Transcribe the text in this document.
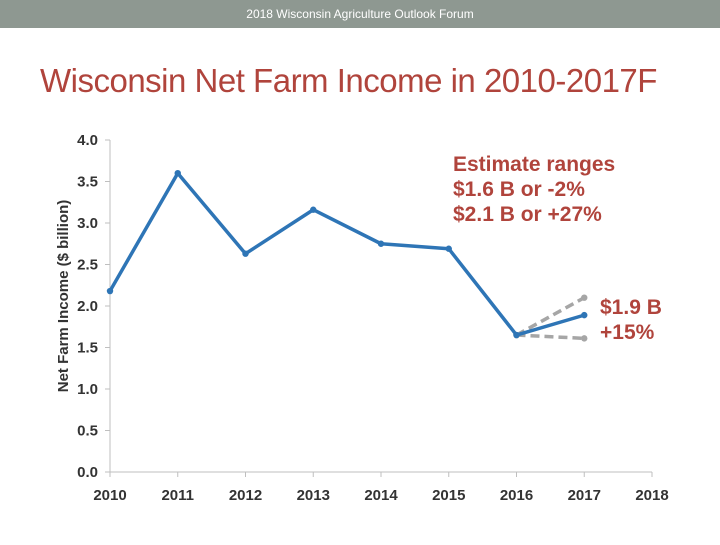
2018 Wisconsin Agriculture Outlook Forum
Wisconsin Net Farm Income in 2010-2017F
0.0
0.5
1.0
1.5
2.0
2.5
3.0
3.5
4.0
2010 2011 2012 2013 2014 2015 2016 2017 2018
Net Farm Income ($ billion)
Estimate ranges
$1.6 B or -2%
$2.1 B or +27%
$1.9 B
+15%
